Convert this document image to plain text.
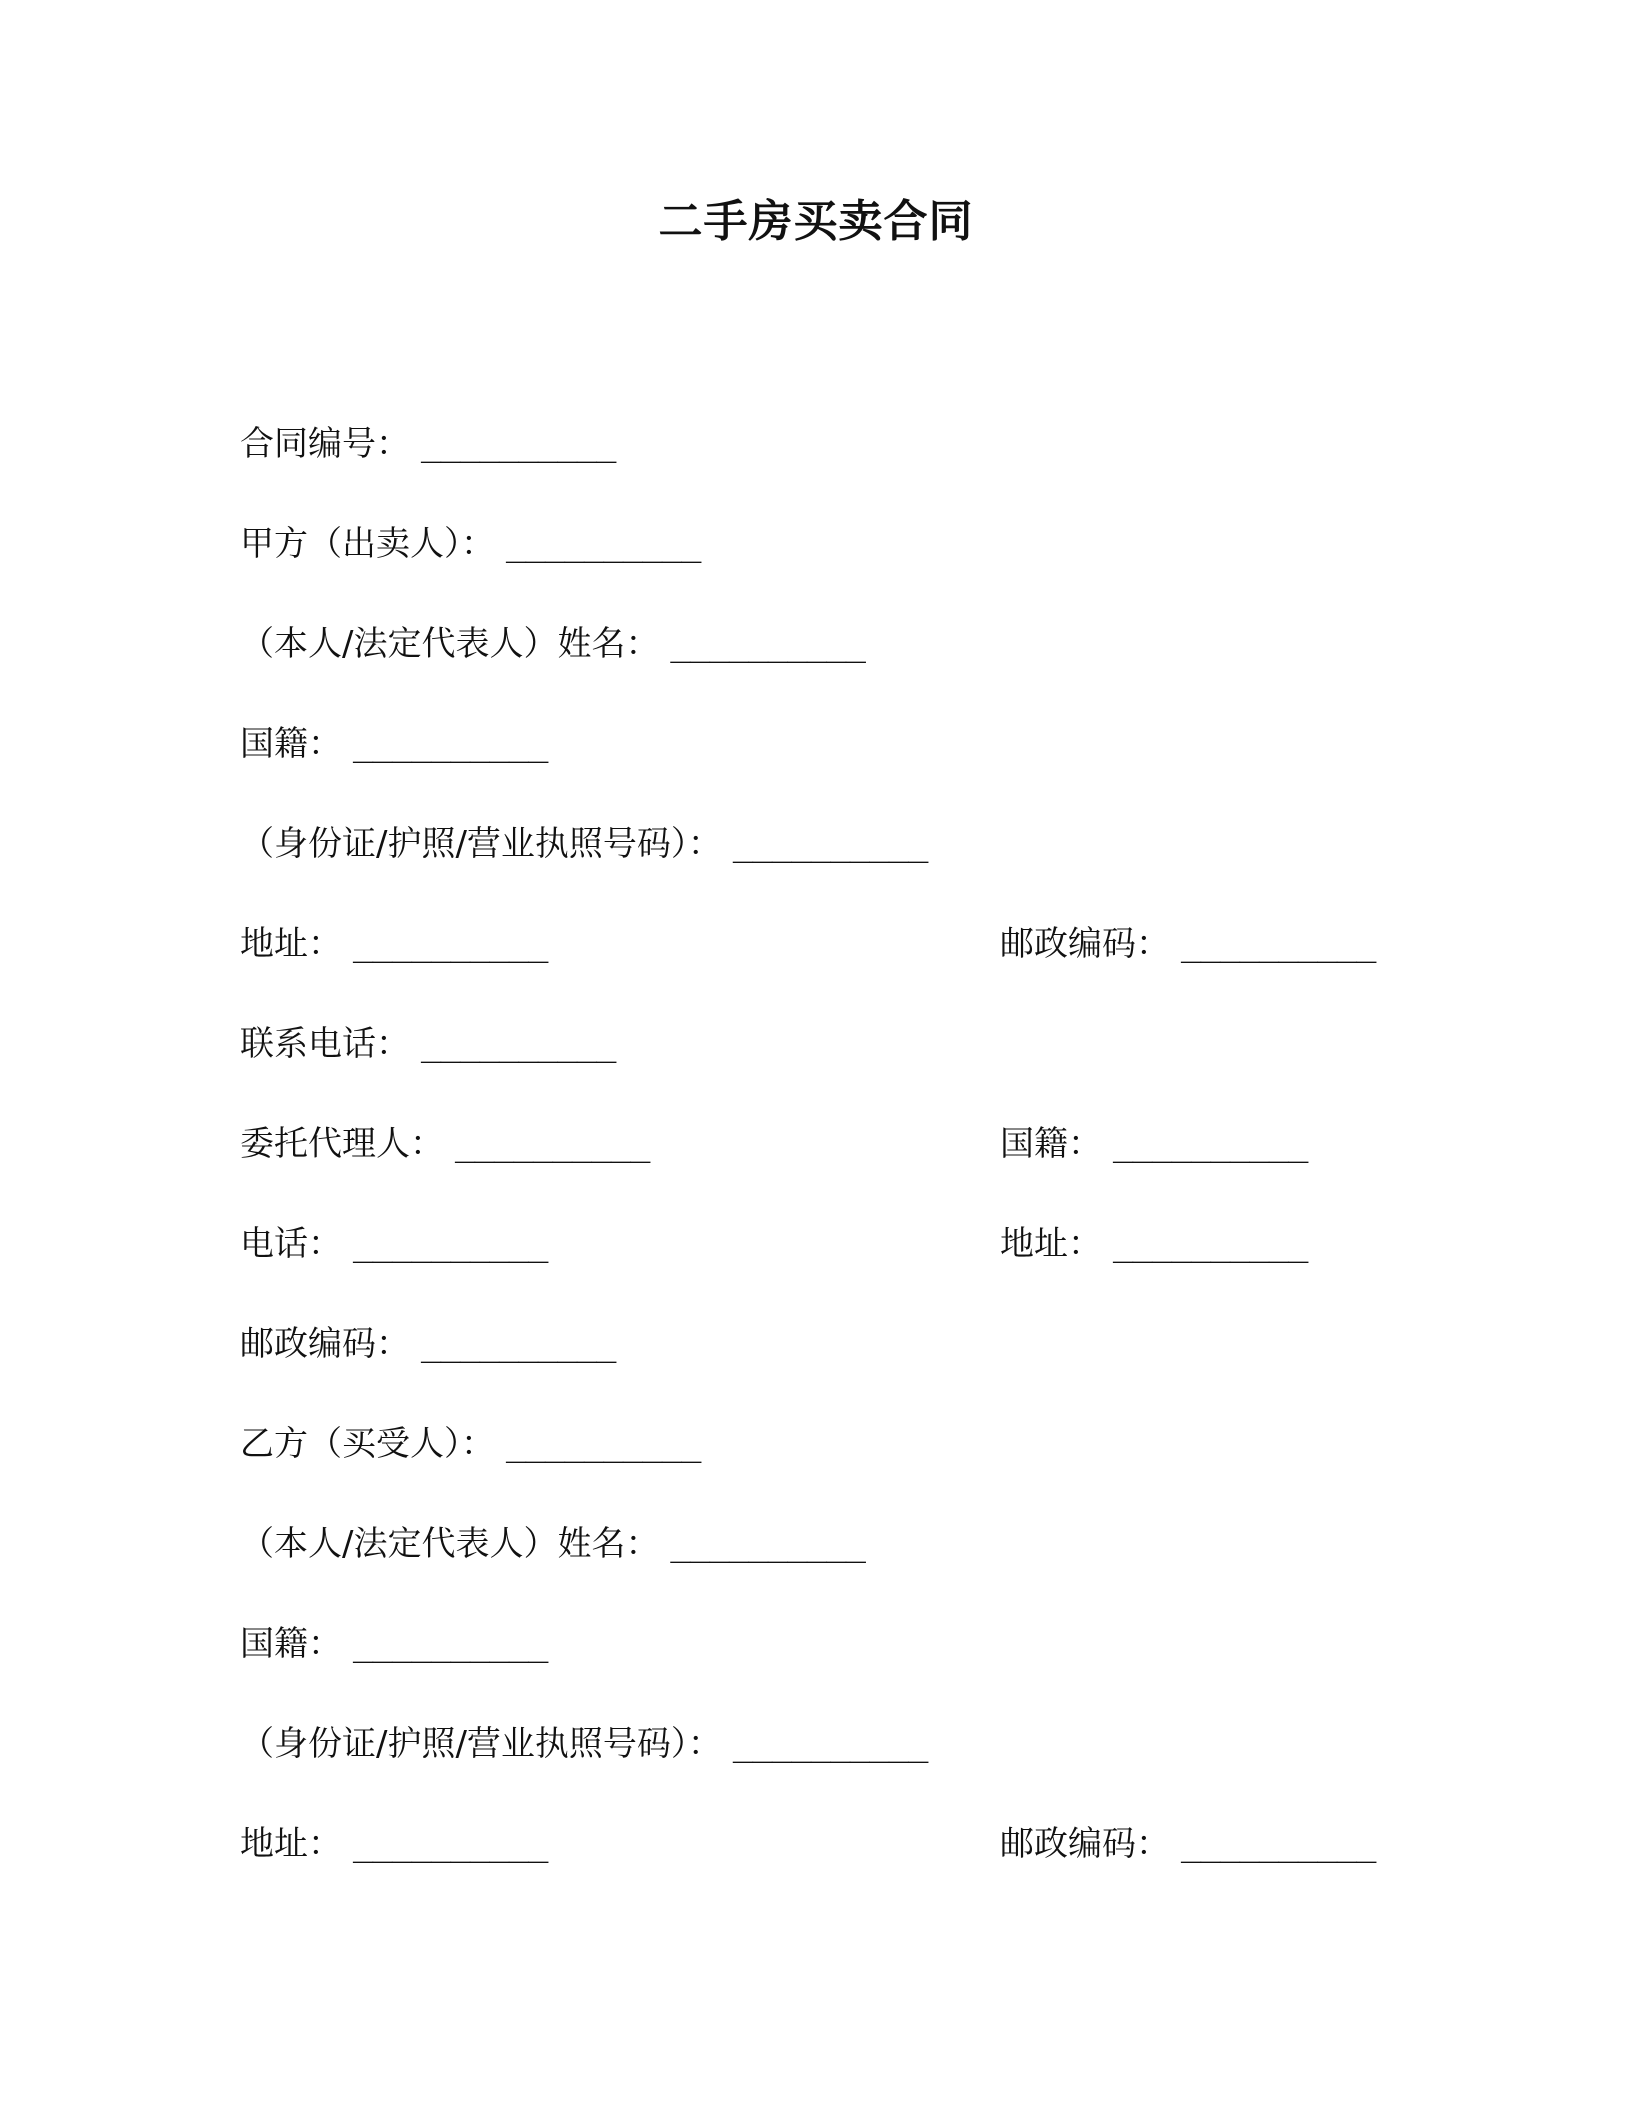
二手房买卖合同
合同编号： __________
甲方（出卖人）： __________
（本人/法定代表人）姓名： __________
国籍： __________
（身份证/护照/营业执照号码）： __________
地址： __________	邮政编码： __________
联系电话： __________
委托代理人： __________	国籍： __________
电话： __________	地址： __________
邮政编码： __________
乙方（买受人）： __________
（本人/法定代表人）姓名： __________
国籍： __________
（身份证/护照/营业执照号码）： __________
地址： __________	邮政编码： __________
